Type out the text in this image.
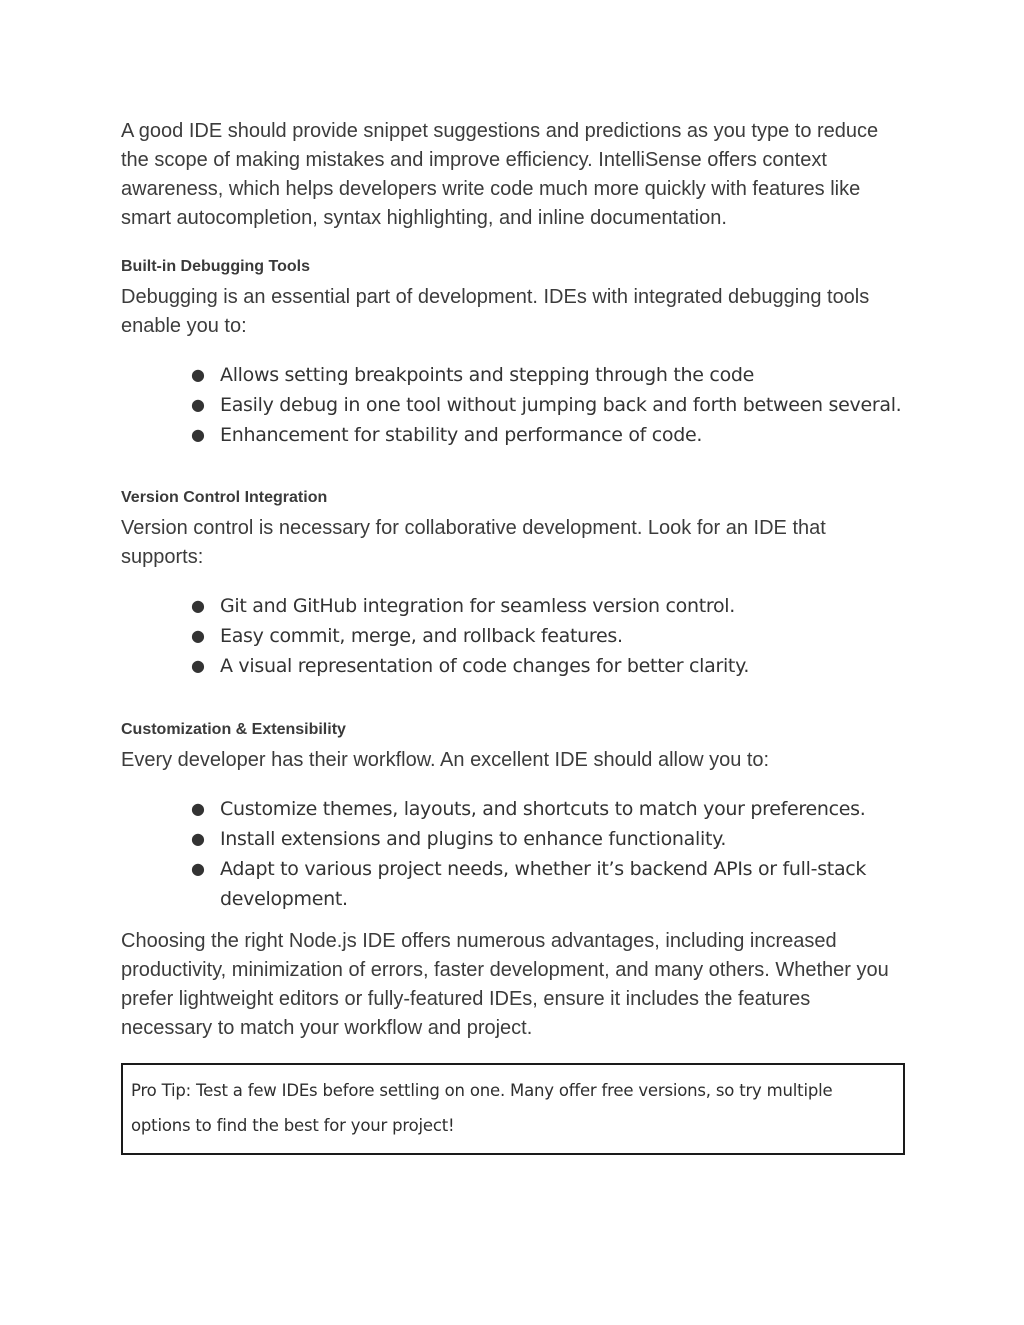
A good IDE should provide snippet suggestions and predictions as you type to reduce the scope of making mistakes and improve efficiency. IntelliSense offers context awareness, which helps developers write code much more quickly with features like smart autocompletion, syntax highlighting, and inline documentation.

Built-in Debugging Tools

Debugging is an essential part of development. IDEs with integrated debugging tools enable you to:

● Allows setting breakpoints and stepping through the code
● Easily debug in one tool without jumping back and forth between several.
● Enhancement for stability and performance of code.
Version Control Integration

Version control is necessary for collaborative development. Look for an IDE that supports:

● Git and GitHub integration for seamless version control.
● Easy commit, merge, and rollback features.
● A visual representation of code changes for better clarity.
Customization & Extensibility

Every developer has their workflow. An excellent IDE should allow you to:

● Customize themes, layouts, and shortcuts to match your preferences.
● Install extensions and plugins to enhance functionality.
● Adapt to various project needs, whether it’s backend APIs or full-stack development.

Choosing the right Node.js IDE offers numerous advantages, including increased productivity, minimization of errors, faster development, and many others. Whether you prefer lightweight editors or fully-featured IDEs, ensure it includes the features necessary to match your workflow and project.

Pro Tip: Test a few IDEs before settling on one. Many offer free versions, so try multiple options to find the best for your project!
